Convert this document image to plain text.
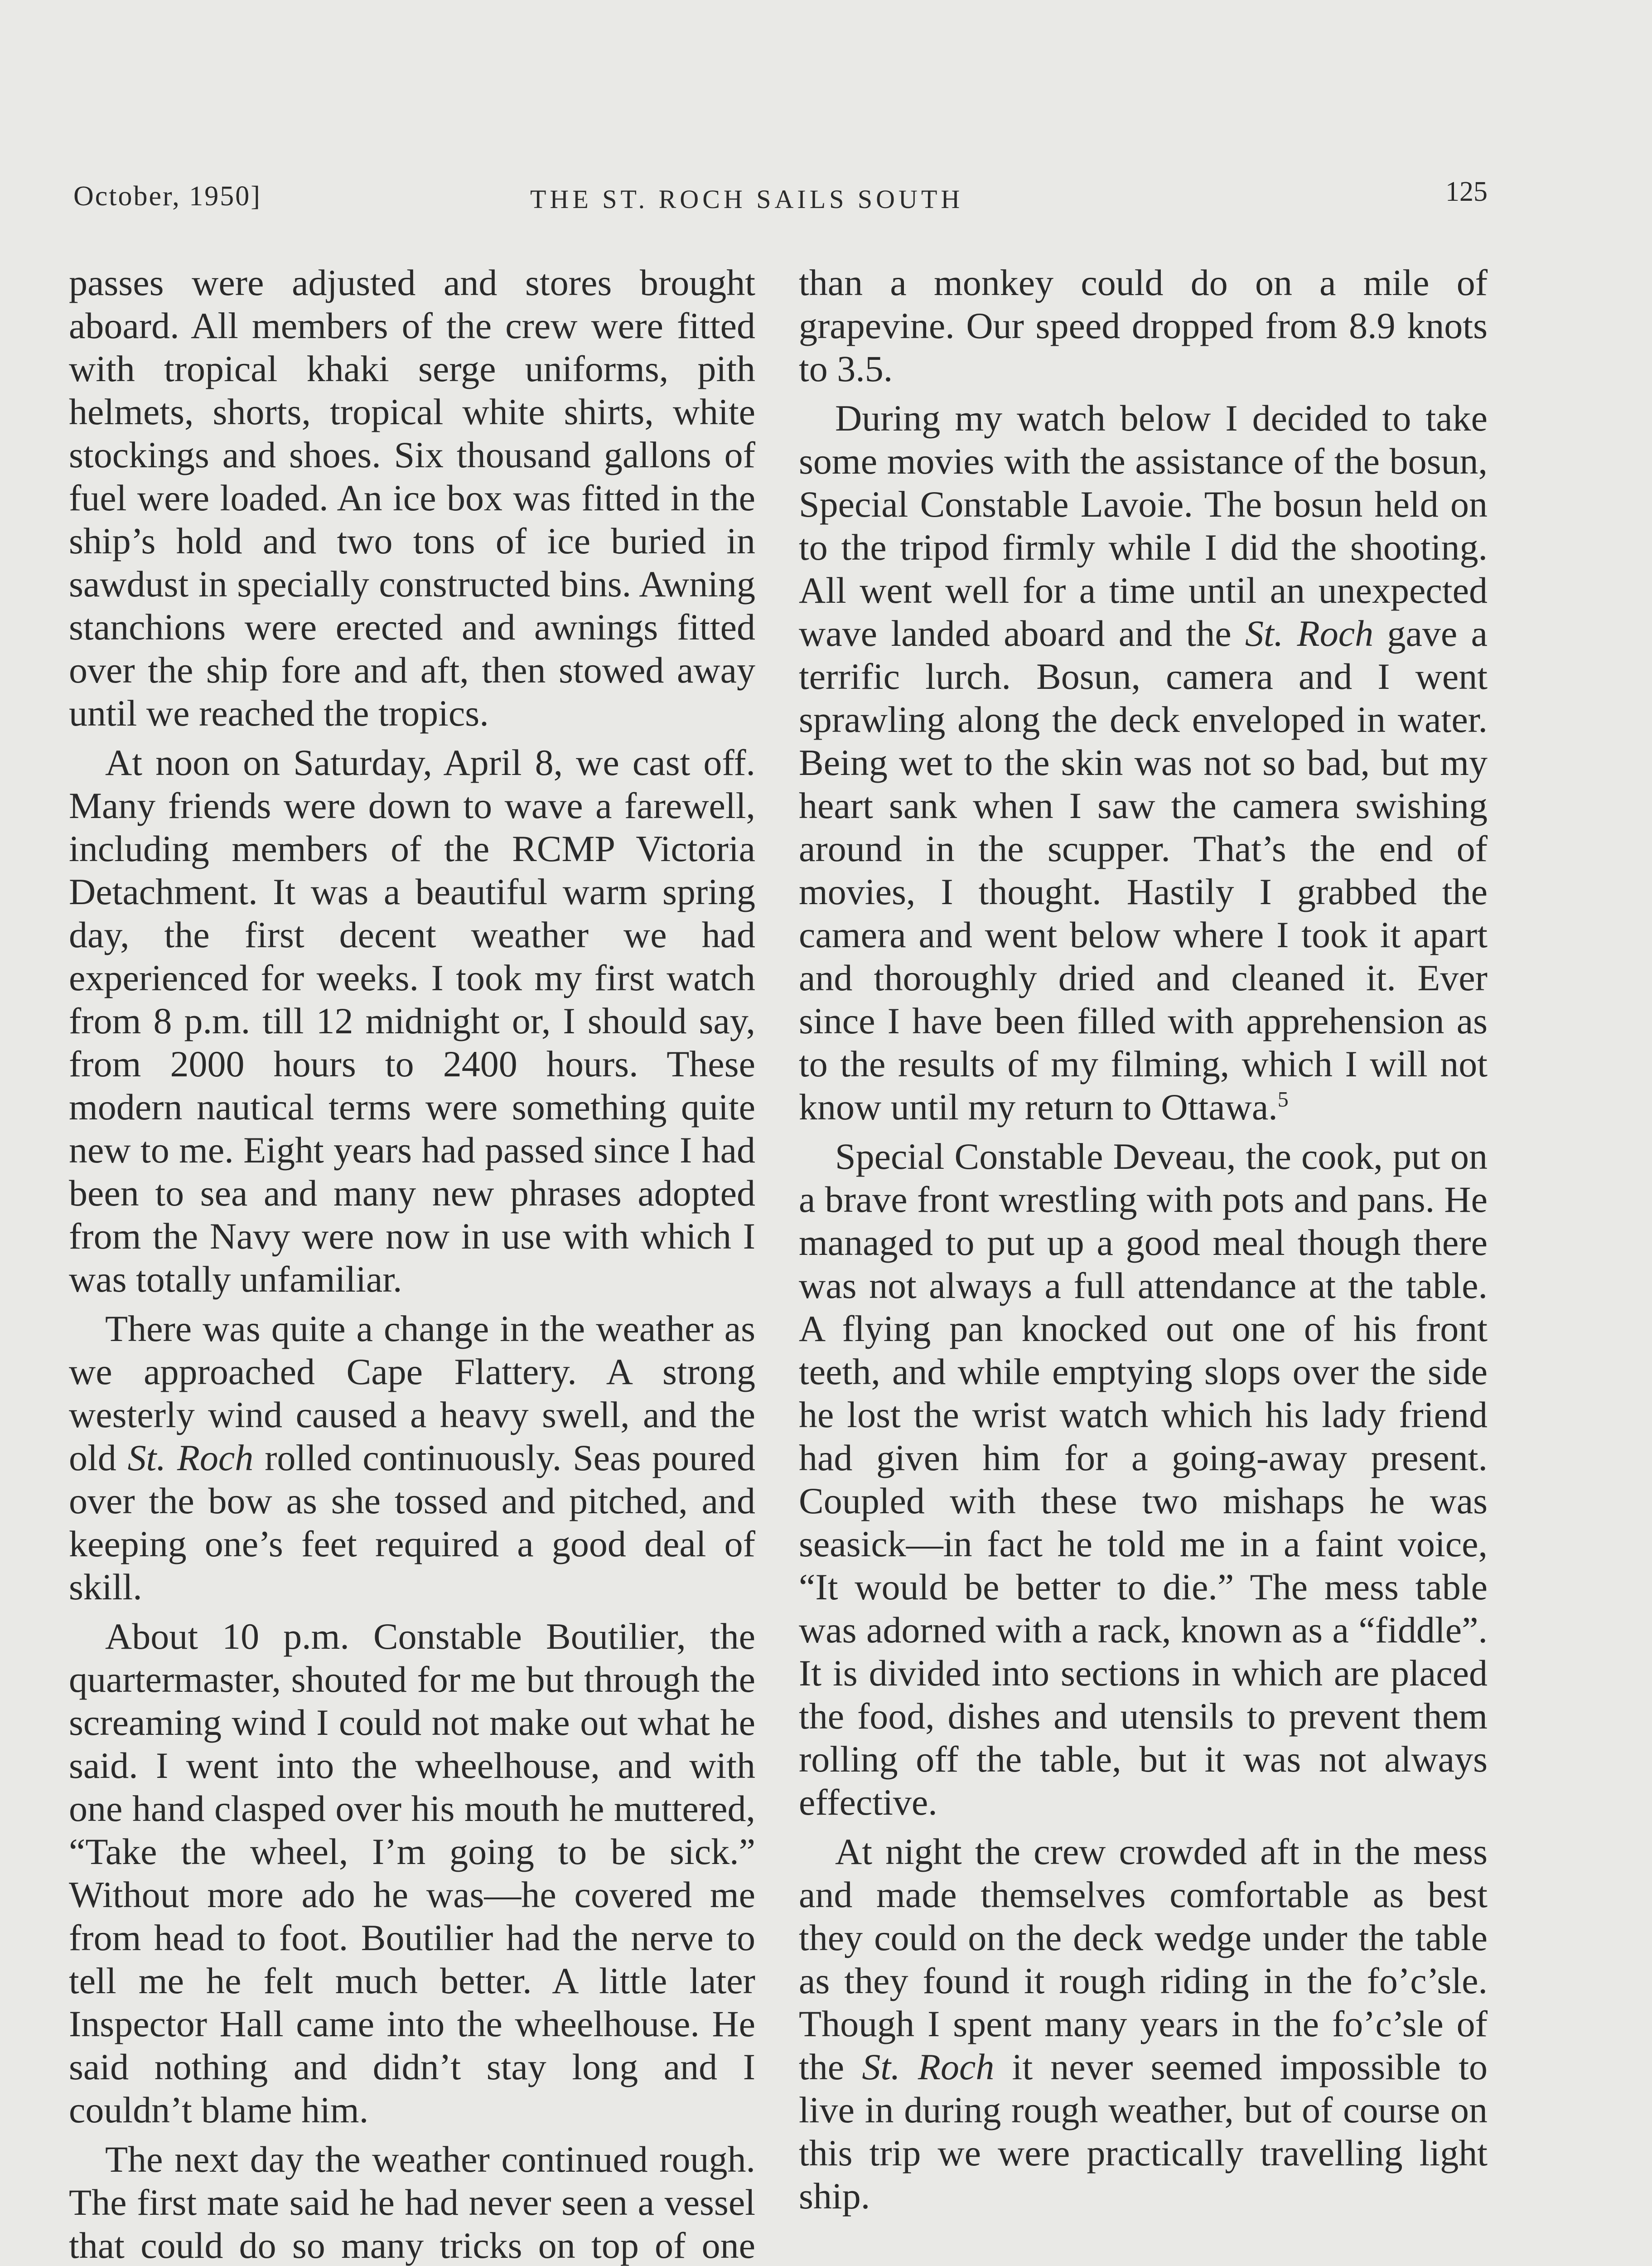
October, 1950]	THE ST. ROCH SAILS SOUTH	125

passes were adjusted and stores brought aboard. All members of the crew were fitted with tropical khaki serge uniforms, pith helmets, shorts, tropical white shirts, white stockings and shoes. Six thousand gallons of fuel were loaded. An ice box was fitted in the ship’s hold and two tons of ice buried in sawdust in specially constructed bins. Awning stanchions were erected and awnings fitted over the ship fore and aft, then stowed away until we reached the tropics.

At noon on Saturday, April 8, we cast off. Many friends were down to wave a farewell, including members of the RCMP Victoria Detachment. It was a beautiful warm spring day, the first decent weather we had experienced for weeks. I took my first watch from 8 p.m. till 12 midnight or, I should say, from 2000 hours to 2400 hours. These modern nautical terms were something quite new to me. Eight years had passed since I had been to sea and many new phrases adopted from the Navy were now in use with which I was totally unfamiliar.

There was quite a change in the weather as we approached Cape Flattery. A strong westerly wind caused a heavy swell, and the old St. Roch rolled continuously. Seas poured over the bow as she tossed and pitched, and keeping one’s feet required a good deal of skill.

About 10 p.m. Constable Boutilier, the quartermaster, shouted for me but through the screaming wind I could not make out what he said. I went into the wheelhouse, and with one hand clasped over his mouth he muttered, “Take the wheel, I’m going to be sick.” Without more ado he was—he covered me from head to foot. Boutilier had the nerve to tell me he felt much better. A little later Inspector Hall came into the wheelhouse. He said nothing and didn’t stay long and I couldn’t blame him.

The next day the weather continued rough. The first mate said he had never seen a vessel that could do so many tricks on top of one

than a monkey could do on a mile of grapevine. Our speed dropped from 8.9 knots to 3.5.

During my watch below I decided to take some movies with the assistance of the bosun, Special Constable Lavoie. The bosun held on to the tripod firmly while I did the shooting. All went well for a time until an unexpected wave landed aboard and the St. Roch gave a terrific lurch. Bosun, camera and I went sprawling along the deck enveloped in water. Being wet to the skin was not so bad, but my heart sank when I saw the camera swishing around in the scupper. That’s the end of movies, I thought. Hastily I grabbed the camera and went below where I took it apart and thoroughly dried and cleaned it. Ever since I have been filled with apprehension as to the results of my filming, which I will not know until my return to Ottawa.$^5$

Special Constable Deveau, the cook, put on a brave front wrestling with pots and pans. He managed to put up a good meal though there was not always a full attendance at the table. A flying pan knocked out one of his front teeth, and while emptying slops over the side he lost the wrist watch which his lady friend had given him for a going-away present. Coupled with these two mishaps he was seasick—in fact he told me in a faint voice, “It would be better to die.” The mess table was adorned with a rack, known as a “fiddle”. It is divided into sections in which are placed the food, dishes and utensils to prevent them rolling off the table, but it was not always effective.

At night the crew crowded aft in the mess and made themselves comfortable as best they could on the deck wedge under the table as they found it rough riding in the fo’c’sle. Though I spent many years in the fo’c’sle of the St. Roch it never seemed impossible to live in during rough weather, but of course on this trip we were practically travelling light ship.
